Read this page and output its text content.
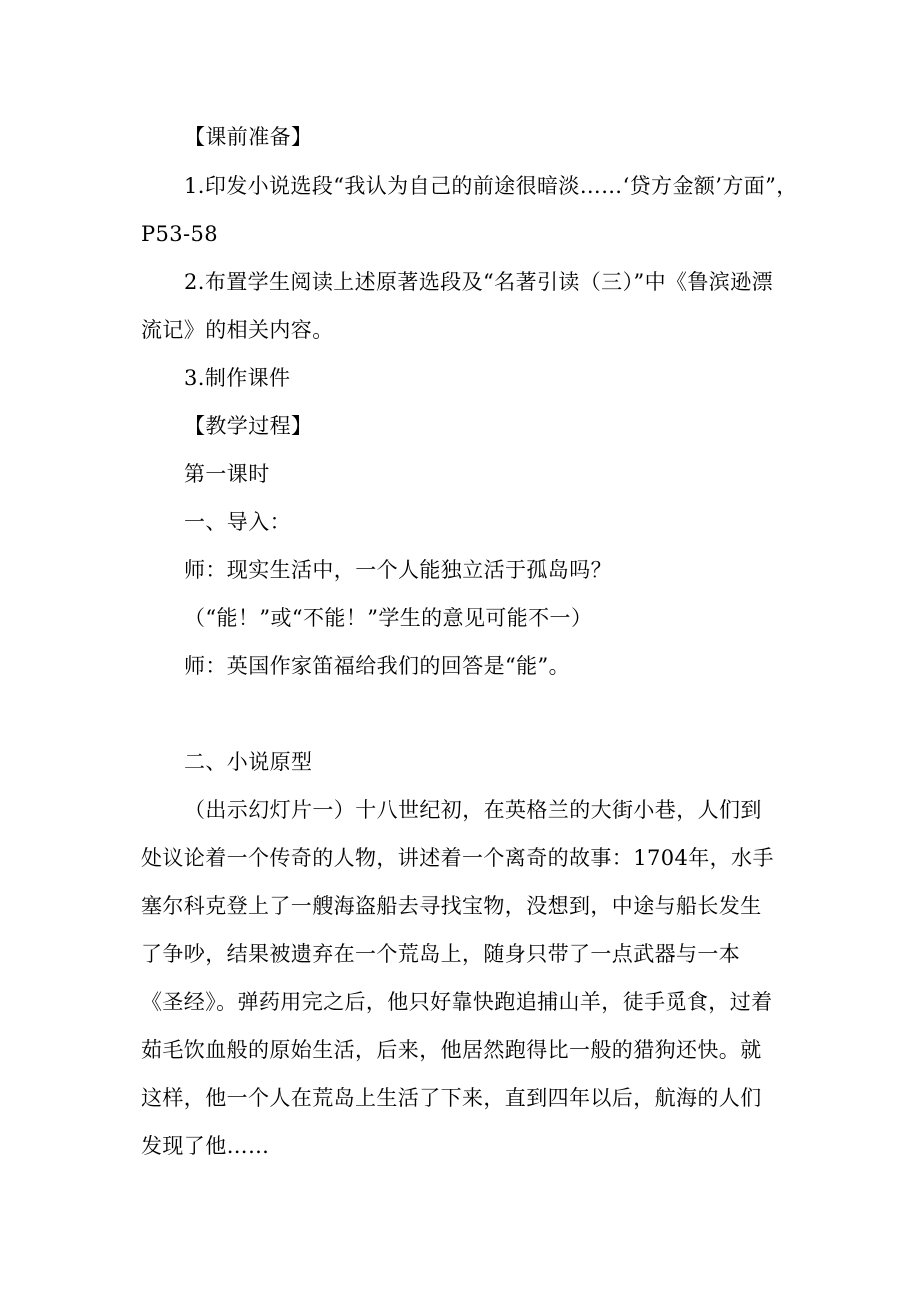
【课前准备】
1.印发小说选段“我认为自己的前途很暗淡……‘贷方金额’方面”，
P53-58
2.布置学生阅读上述原著选段及“名著引读（三）”中《鲁滨逊漂
流记》的相关内容。
3.制作课件
【教学过程】
第一课时
一、导入：
师：现实生活中，一个人能独立活于孤岛吗？
（“能！”或“不能！”学生的意见可能不一）
师：英国作家笛福给我们的回答是“能”。
二、小说原型
（出示幻灯片一）十八世纪初，在英格兰的大街小巷，人们到
处议论着一个传奇的人物，讲述着一个离奇的故事：1704年，水手
塞尔科克登上了一艘海盗船去寻找宝物，没想到，中途与船长发生
了争吵，结果被遗弃在一个荒岛上，随身只带了一点武器与一本
《圣经》。弹药用完之后，他只好靠快跑追捕山羊，徒手觅食，过着
茹毛饮血般的原始生活，后来，他居然跑得比一般的猎狗还快。就
这样，他一个人在荒岛上生活了下来，直到四年以后，航海的人们
发现了他……
